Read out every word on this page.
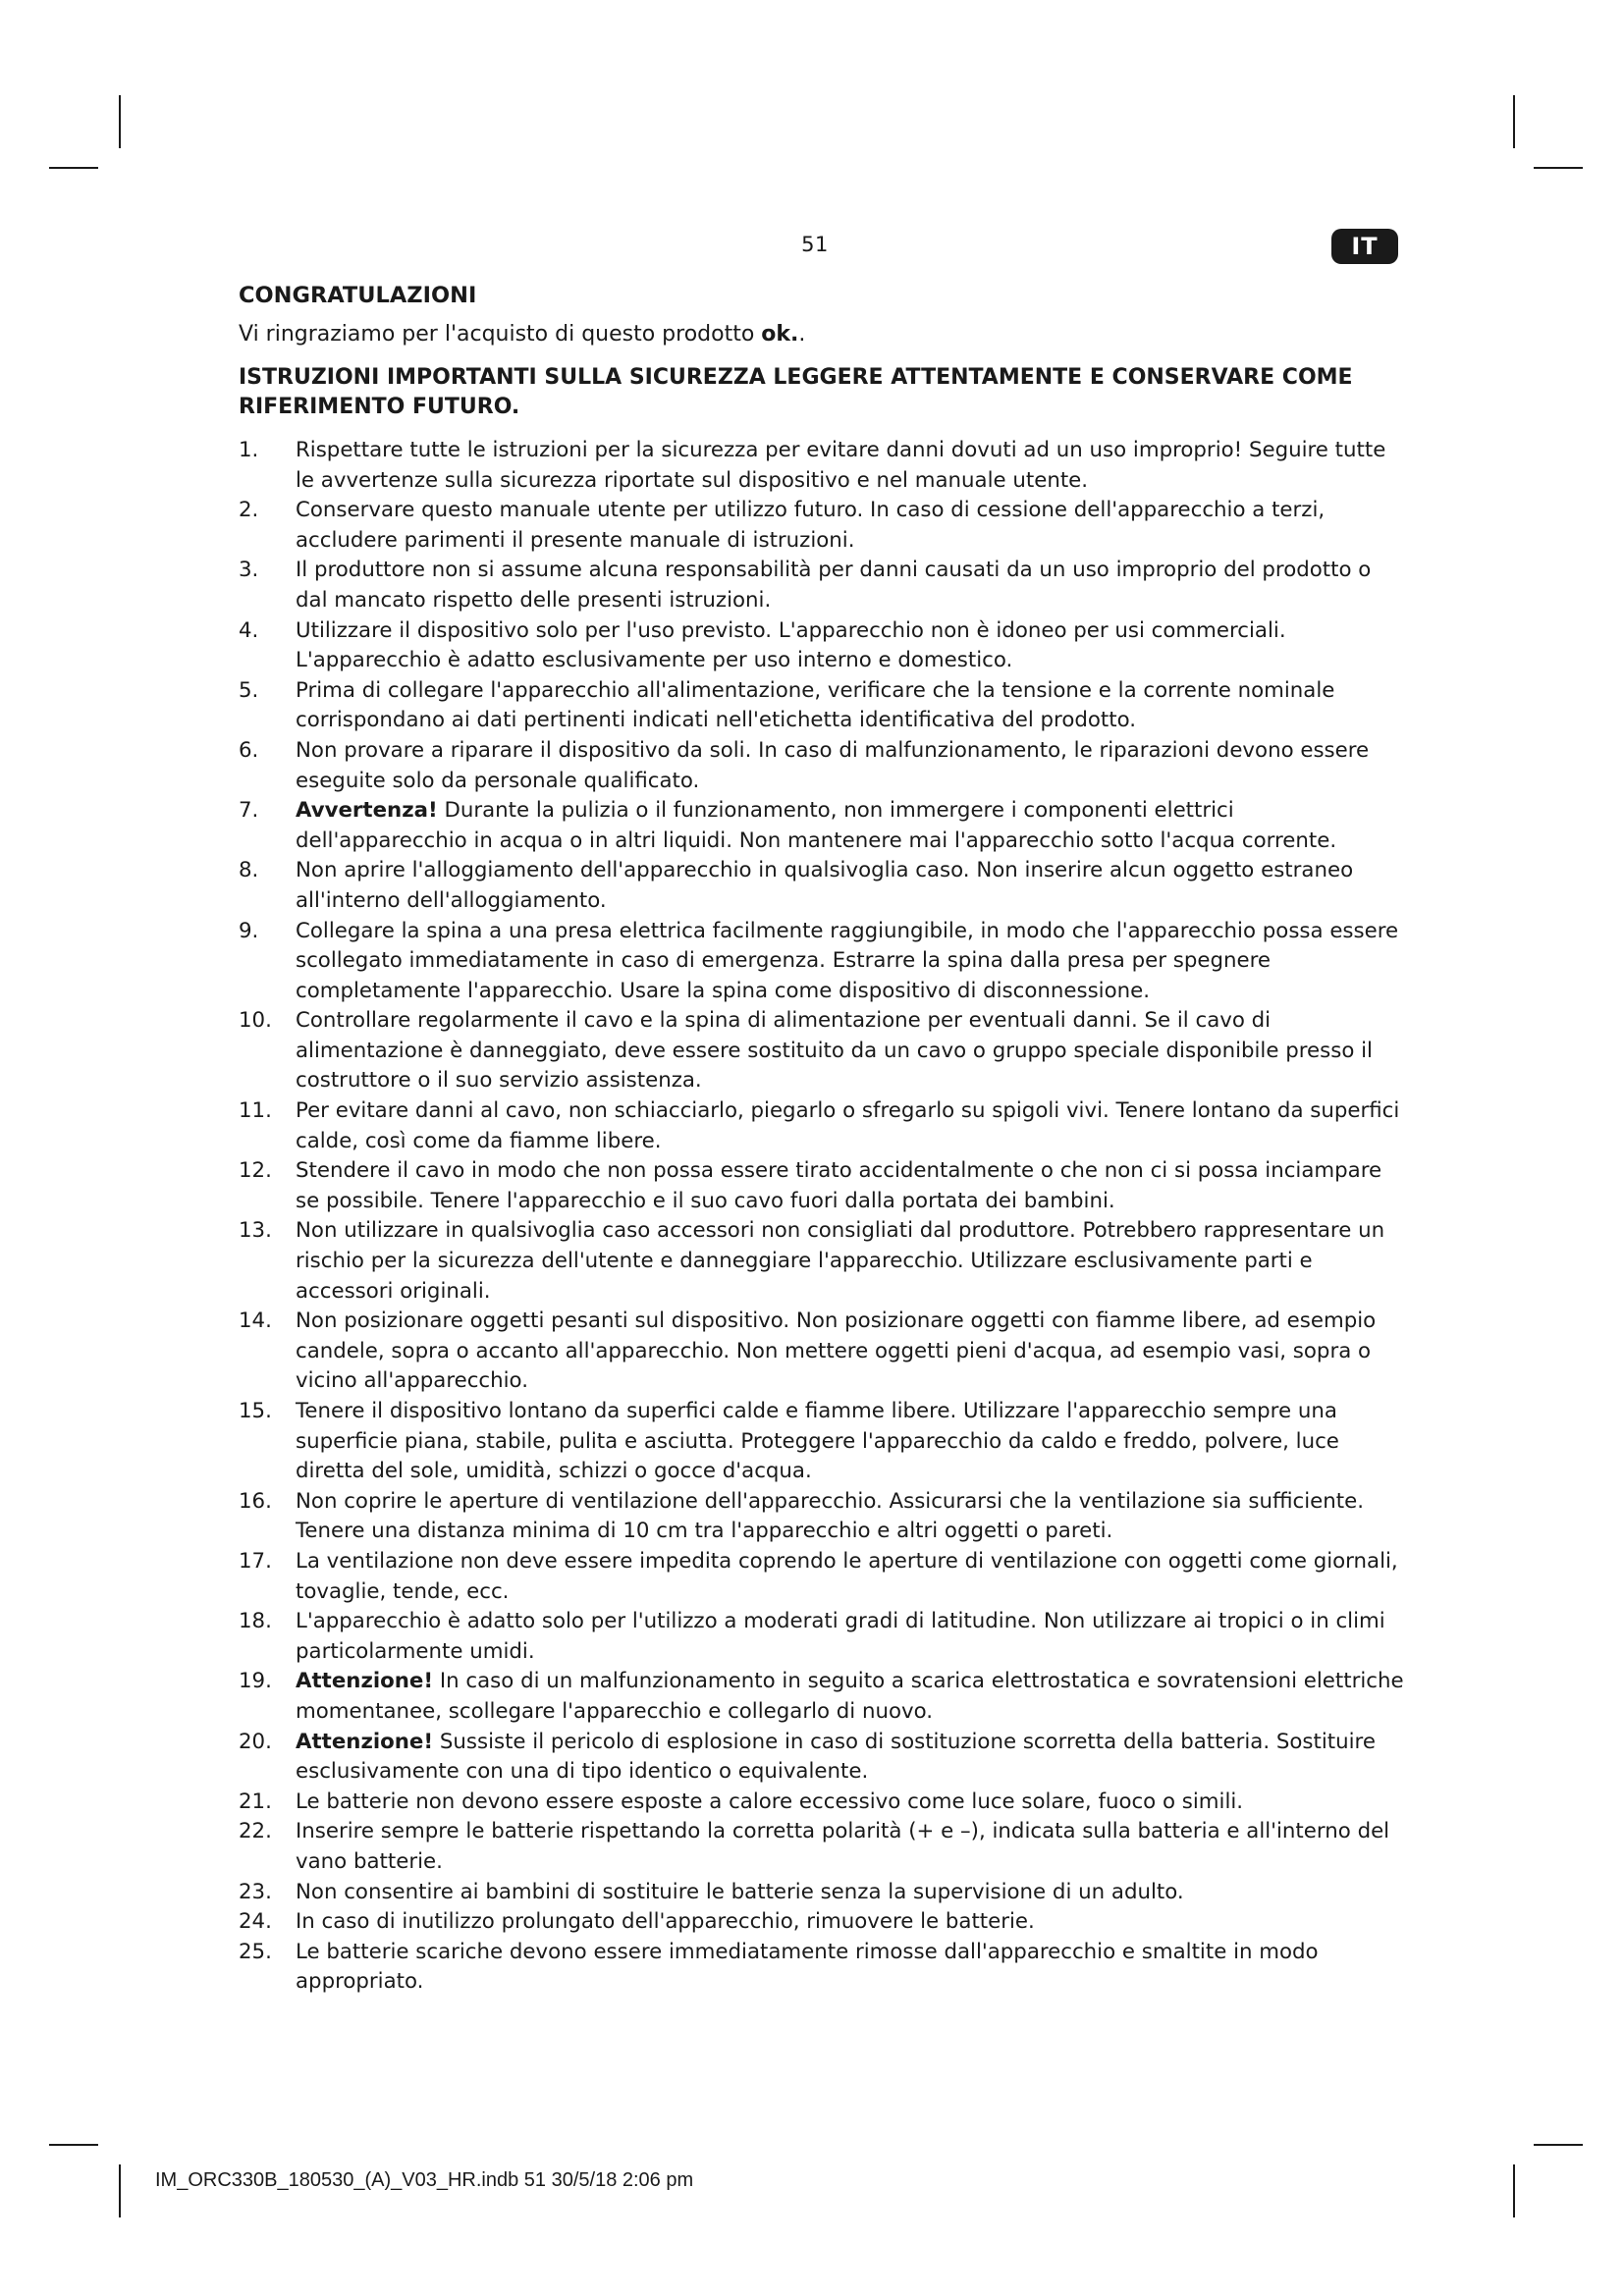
51	IT
CONGRATULAZIONI

Vi ringraziamo per l'acquisto di questo prodotto ok..

ISTRUZIONI IMPORTANTI SULLA SICUREZZA LEGGERE ATTENTAMENTE E CONSERVARE COME RIFERIMENTO FUTURO.
1.	Rispettare tutte le istruzioni per la sicurezza per evitare danni dovuti ad un uso improprio! Seguire tutte le avvertenze sulla sicurezza riportate sul dispositivo e nel manuale utente.
2.	Conservare questo manuale utente per utilizzo futuro. In caso di cessione dell'apparecchio a terzi, accludere parimenti il presente manuale di istruzioni.
3.	Il produttore non si assume alcuna responsabilità per danni causati da un uso improprio del prodotto o dal mancato rispetto delle presenti istruzioni.
4.	Utilizzare il dispositivo solo per l'uso previsto. L'apparecchio non è idoneo per usi commerciali. L'apparecchio è adatto esclusivamente per uso interno e domestico.
5.	Prima di collegare l'apparecchio all'alimentazione, verificare che la tensione e la corrente nominale corrispondano ai dati pertinenti indicati nell'etichetta identificativa del prodotto.
6.	Non provare a riparare il dispositivo da soli. In caso di malfunzionamento, le riparazioni devono essere eseguite solo da personale qualificato.
7.	Avvertenza! Durante la pulizia o il funzionamento, non immergere i componenti elettrici dell'apparecchio in acqua o in altri liquidi. Non mantenere mai l'apparecchio sotto l'acqua corrente.
8.	Non aprire l'alloggiamento dell'apparecchio in qualsivoglia caso. Non inserire alcun oggetto estraneo all'interno dell'alloggiamento.
9.	Collegare la spina a una presa elettrica facilmente raggiungibile, in modo che l'apparecchio possa essere scollegato immediatamente in caso di emergenza. Estrarre la spina dalla presa per spegnere completamente l'apparecchio. Usare la spina come dispositivo di disconnessione.
10.	Controllare regolarmente il cavo e la spina di alimentazione per eventuali danni. Se il cavo di alimentazione è danneggiato, deve essere sostituito da un cavo o gruppo speciale disponibile presso il costruttore o il suo servizio assistenza.
11.	Per evitare danni al cavo, non schiacciarlo, piegarlo o sfregarlo su spigoli vivi. Tenere lontano da superfici calde, così come da fiamme libere.
12.	Stendere il cavo in modo che non possa essere tirato accidentalmente o che non ci si possa inciampare se possibile. Tenere l'apparecchio e il suo cavo fuori dalla portata dei bambini.
13.	Non utilizzare in qualsivoglia caso accessori non consigliati dal produttore. Potrebbero rappresentare un rischio per la sicurezza dell'utente e danneggiare l'apparecchio. Utilizzare esclusivamente parti e accessori originali.
14.	Non posizionare oggetti pesanti sul dispositivo. Non posizionare oggetti con fiamme libere, ad esempio candele, sopra o accanto all'apparecchio. Non mettere oggetti pieni d'acqua, ad esempio vasi, sopra o vicino all'apparecchio.
15.	Tenere il dispositivo lontano da superfici calde e fiamme libere. Utilizzare l'apparecchio sempre una superficie piana, stabile, pulita e asciutta. Proteggere l'apparecchio da caldo e freddo, polvere, luce diretta del sole, umidità, schizzi o gocce d'acqua.
16.	Non coprire le aperture di ventilazione dell'apparecchio. Assicurarsi che la ventilazione sia sufficiente. Tenere una distanza minima di 10 cm tra l'apparecchio e altri oggetti o pareti.
17.	La ventilazione non deve essere impedita coprendo le aperture di ventilazione con oggetti come giornali, tovaglie, tende, ecc.
18.	L'apparecchio è adatto solo per l'utilizzo a moderati gradi di latitudine. Non utilizzare ai tropici o in climi particolarmente umidi.
19.	Attenzione! In caso di un malfunzionamento in seguito a scarica elettrostatica e sovratensioni elettriche momentanee, scollegare l'apparecchio e collegarlo di nuovo.
20.	Attenzione! Sussiste il pericolo di esplosione in caso di sostituzione scorretta della batteria. Sostituire esclusivamente con una di tipo identico o equivalente.
21.	Le batterie non devono essere esposte a calore eccessivo come luce solare, fuoco o simili.
22.	Inserire sempre le batterie rispettando la corretta polarità (+ e –), indicata sulla batteria e all'interno del vano batterie.
23.	Non consentire ai bambini di sostituire le batterie senza la supervisione di un adulto.
24.	In caso di inutilizzo prolungato dell'apparecchio, rimuovere le batterie.
25.	Le batterie scariche devono essere immediatamente rimosse dall'apparecchio e smaltite in modo appropriato.
IM_ORC330B_180530_(A)_V03_HR.indb 51 30/5/18 2:06 pm
